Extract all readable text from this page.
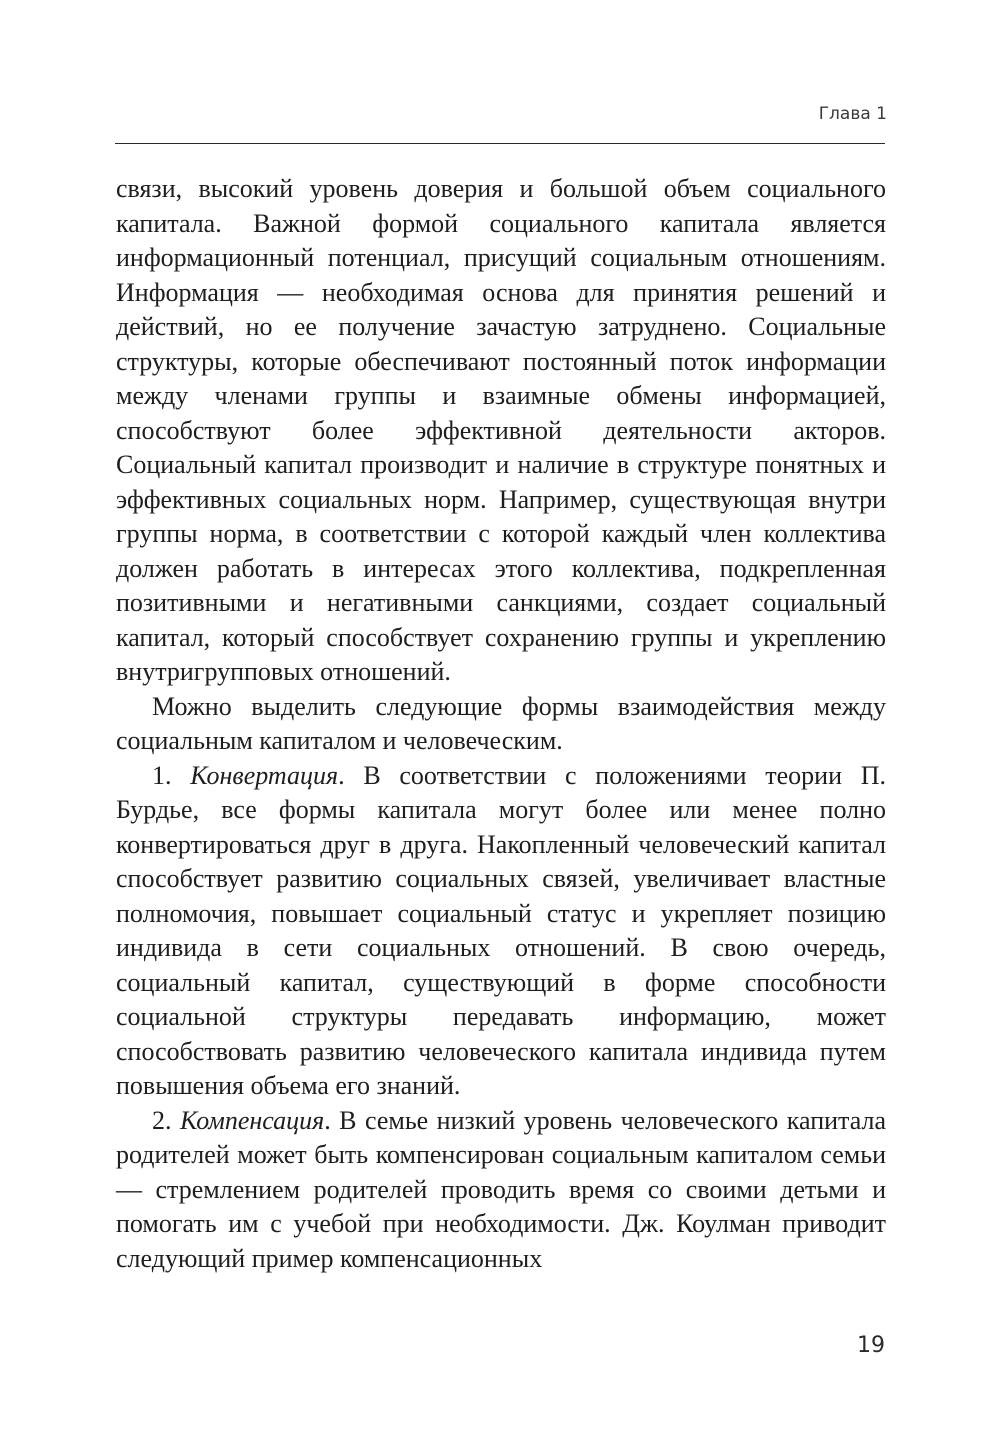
Глава 1

связи, высокий уровень доверия и большой объем социального капитала. Важной формой социального капитала является информационный потенциал, присущий социальным отношениям. Информация — необходимая основа для принятия решений и действий, но ее получение зачастую затруднено. Социальные структуры, которые обеспечивают постоянный поток информации между членами группы и взаимные обмены информацией, способствуют более эффективной деятельности акторов. Социальный капитал производит и наличие в структуре понятных и эффективных социальных норм. Например, существующая внутри группы норма, в соответствии с которой каждый член коллектива должен работать в интересах этого коллектива, подкрепленная позитивными и негативными санкциями, создает социальный капитал, который способствует сохранению группы и укреплению внутригрупповых отношений.

Можно выделить следующие формы взаимодействия между социальным капиталом и человеческим.

1. Конвертация. В соответствии с положениями теории П. Бурдье, все формы капитала могут более или менее полно конвертироваться друг в друга. Накопленный человеческий капитал способствует развитию социальных связей, увеличивает властные полномочия, повышает социальный статус и укрепляет позицию индивида в сети социальных отношений. В свою очередь, социальный капитал, существующий в форме способности социальной структуры передавать информацию, может способствовать развитию человеческого капитала индивида путем повышения объема его знаний.

2. Компенсация. В семье низкий уровень человеческого капитала родителей может быть компенсирован социальным капиталом семьи — стремлением родителей проводить время со своими детьми и помогать им с учебой при необходимости. Дж. Коулман приводит следующий пример компенсационных

19
